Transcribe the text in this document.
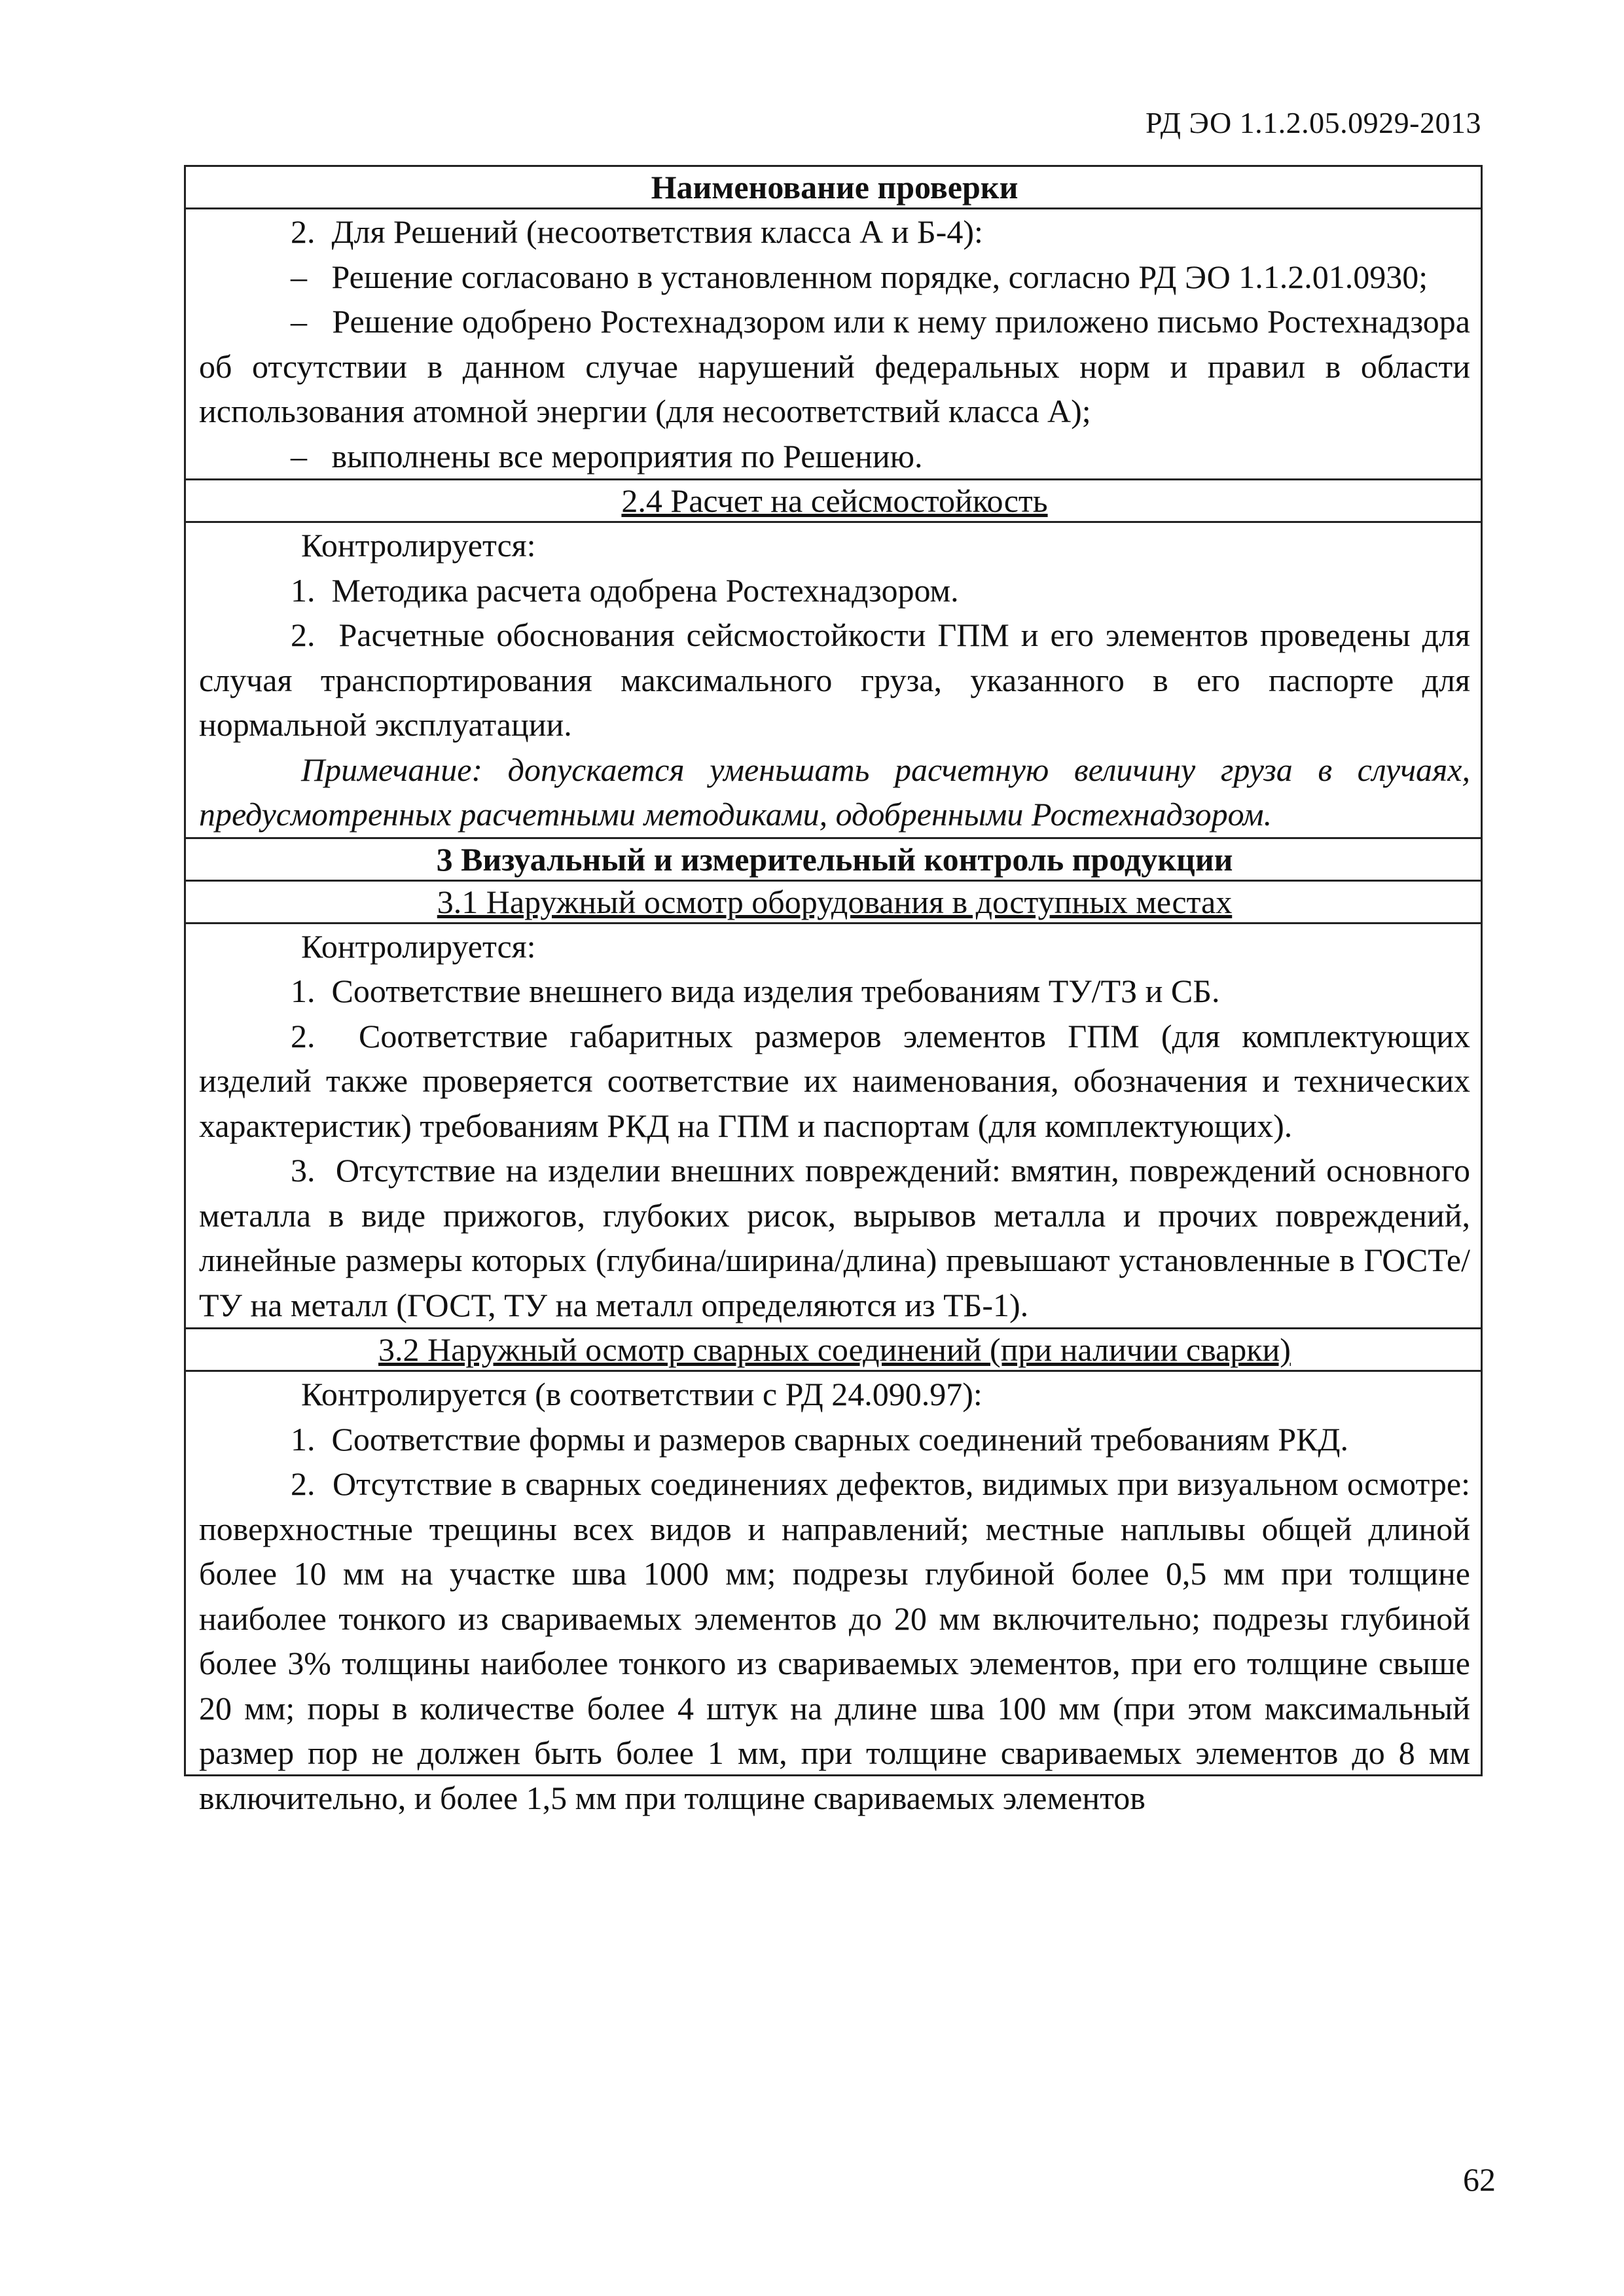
РД ЭО 1.1.2.05.0929-2013
Наименование проверки

2.  Для Решений (несоответствия класса А и Б-4):

–   Решение согласовано в установленном порядке, согласно РД ЭО 1.1.2.01.0930;

–   Решение одобрено Ростехнадзором или к нему приложено письмо Ростехнадзора об отсутствии в данном случае нарушений федеральных норм и правил в области использования атомной энергии (для несоответствий класса А);

–   выполнены все мероприятия по Решению.

2.4 Расчет на сейсмостойкость

Контролируется:

1.  Методика расчета одобрена Ростехнадзором.

2.  Расчетные обоснования сейсмостойкости ГПМ и его элементов проведены для случая транспортирования максимального груза, указанного в его паспорте для нормальной эксплуатации.

Примечание: допускается уменьшать расчетную величину груза в случаях, предусмотренных расчетными методиками, одобренными Ростехнадзором.

3 Визуальный и измерительный контроль продукции
3.1 Наружный осмотр оборудования в доступных местах

Контролируется:

1.  Соответствие внешнего вида изделия требованиям ТУ/ТЗ и СБ.

2.  Соответствие габаритных размеров элементов ГПМ (для комплектующих изделий также проверяется соответствие их наименования, обозначения и технических характеристик) требованиям РКД на ГПМ и паспортам (для комплектующих).

3.  Отсутствие на изделии внешних повреждений: вмятин, повреждений основного металла в виде прижогов, глубоких рисок, вырывов металла и прочих повреждений, линейные размеры которых (глубина/ширина/длина) превышают установленные в ГОСТе/ТУ на металл (ГОСТ, ТУ на металл определяются из ТБ-1).

3.2 Наружный осмотр сварных соединений (при наличии сварки)

Контролируется (в соответствии с РД 24.090.97):

1.  Соответствие формы и размеров сварных соединений требованиям РКД.

2.  Отсутствие в сварных соединениях дефектов, видимых при визуальном осмотре: поверхностные трещины всех видов и направлений; местные наплывы общей длиной более 10 мм на участке шва 1000 мм; подрезы глубиной более 0,5 мм при толщине наиболее тонкого из свариваемых элементов до 20 мм включительно; подрезы глубиной более 3% толщины наиболее тонкого из свариваемых элементов, при его толщине свыше 20 мм; поры в количестве более 4 штук на длине шва 100 мм (при этом максимальный размер пор не должен быть более 1 мм, при толщине свариваемых элементов до 8 мм включительно, и более 1,5 мм при толщине свариваемых элементов

62
